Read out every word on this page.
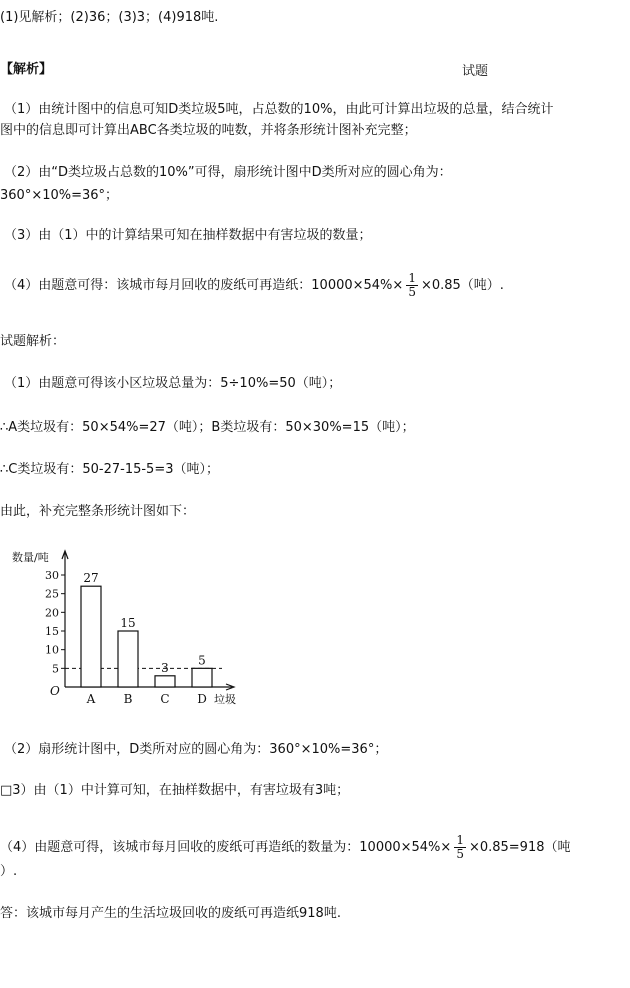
(1)见解析；(2)36；(3)3；(4)918吨.
【解析】	试题
（1）由统计图中的信息可知D类垃圾5吨，占总数的10%，由此可计算出垃圾的总量，结合统计
图中的信息即可计算出ABC各类垃圾的吨数，并将条形统计图补充完整；
（2）由“D类垃圾占总数的10%”可得，扇形统计图中D类所对应的圆心角为：
360°×10%=36°；
（3）由（1）中的计算结果可知在抽样数据中有害垃圾的数量；
（4）由题意可得：该城市每月回收的废纸可再造纸：$10000\times 54\%\times \frac{1}{5} \times 0.85$（吨）.
试题解析：
（1）由题意可得该小区垃圾总量为：5÷10%=50（吨）；
∴A类垃圾有：50×54%=27（吨）；B类垃圾有：50×30%=15（吨）；
∴C类垃圾有：50-27-15-5=3（吨）；
由此，补充完整条形统计图如下：
数量/吨
垃圾
O
5
10
15
20
25
30 27
A
15
B
3
C
5
D
（2）扇形统计图中，D类所对应的圆心角为：360°×10%=36°；
□3）由（1）中计算可知，在抽样数据中，有害垃圾有3吨；
（4）由题意可得，该城市每月回收的废纸可再造纸的数量为：$10000\times 54\%\times \frac{1}{5} \times 0.85=918$（吨
）.
答：该城市每月产生的生活垃圾回收的废纸可再造纸918吨.
